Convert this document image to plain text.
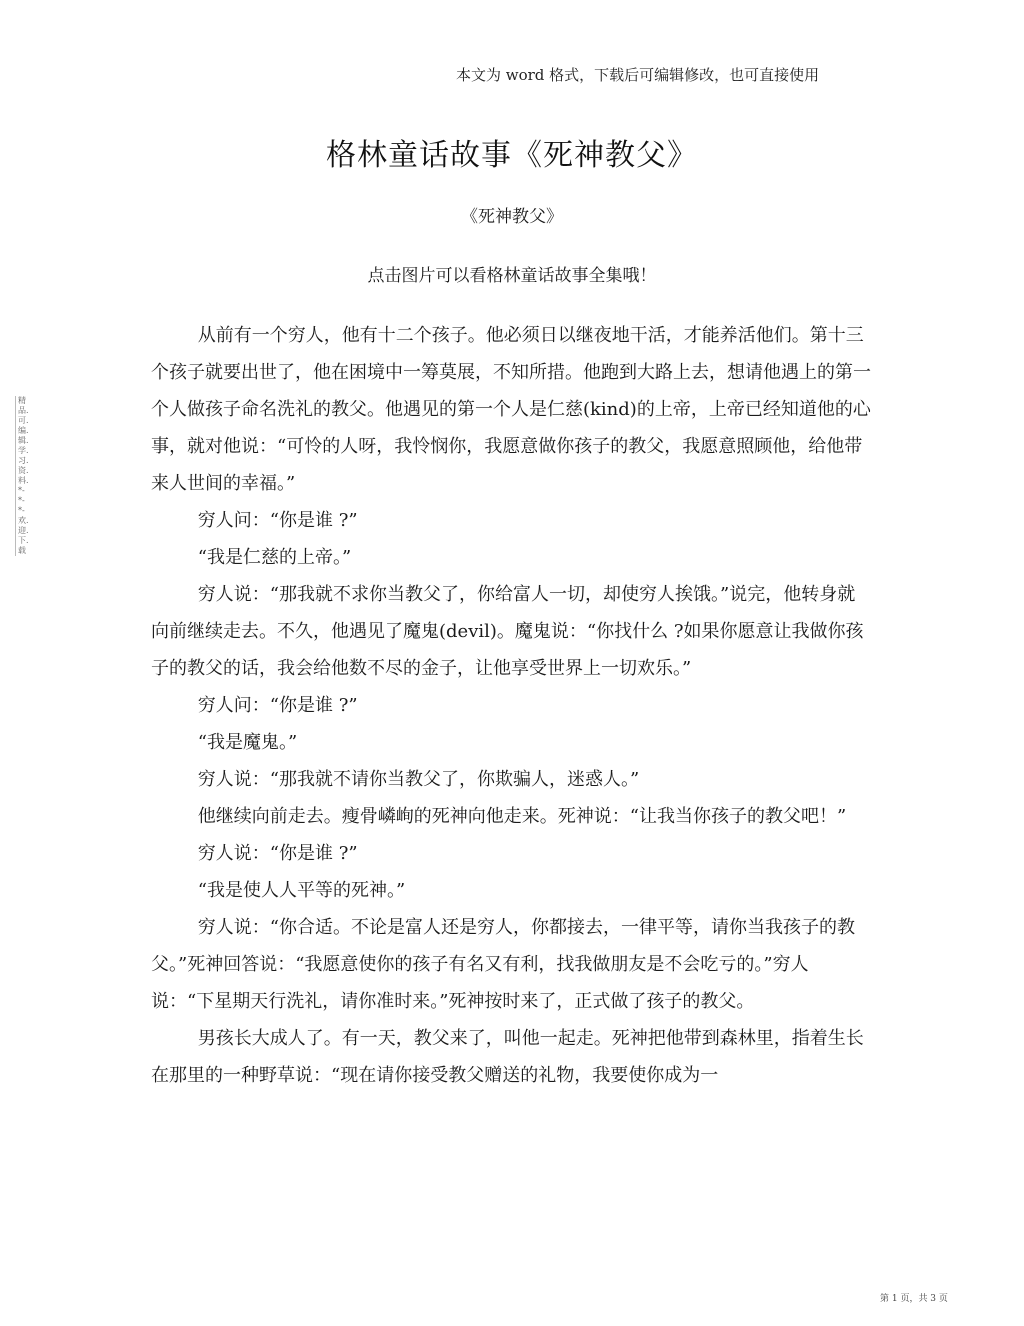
本文为 word 格式，下载后可编辑修改，也可直接使用
格林童话故事《死神教父》
《死神教父》
点击图片可以看格林童话故事全集哦！
精品.可.编.辑.学.习.资.料.*-*-*-欢.迎.下.载

从前有一个穷人，他有十二个孩子。他必须日以继夜地干活，才能养活他们。第十三个孩子就要出世了，他在困境中一筹莫展，不知所措。他跑到大路上去，想请他遇上的第一个人做孩子命名洗礼的教父。他遇见的第一个人是仁慈(kind)的上帝，上帝已经知道他的心事，就对他说：“可怜的人呀，我怜悯你，我愿意做你孩子的教父，我愿意照顾他，给他带来人世间的幸福。”

穷人问：“你是谁 ?”

“我是仁慈的上帝。”

穷人说：“那我就不求你当教父了，你给富人一切，却使穷人挨饿。”说完，他转身就向前继续走去。不久，他遇见了魔鬼(devil)。魔鬼说：“你找什么 ?如果你愿意让我做你孩子的教父的话，我会给他数不尽的金子，让他享受世界上一切欢乐。”

穷人问：“你是谁 ?”

“我是魔鬼。”

穷人说：“那我就不请你当教父了，你欺骗人，迷惑人。”

他继续向前走去。瘦骨嶙峋的死神向他走来。死神说：“让我当你孩子的教父吧！”

穷人说：“你是谁 ?”

“我是使人人平等的死神。”

穷人说：“你合适。不论是富人还是穷人，你都接去，一律平等，请你当我孩子的教父。”死神回答说：“我愿意使你的孩子有名又有利，找我做朋友是不会吃亏的。”穷人说：“下星期天行洗礼，请你准时来。”死神按时来了，正式做了孩子的教父。

男孩长大成人了。有一天，教父来了，叫他一起走。死神把他带到森林里，指着生长在那里的一种野草说：“现在请你接受教父赠送的礼物，我要使你成为一

第 1 页，共 3 页
